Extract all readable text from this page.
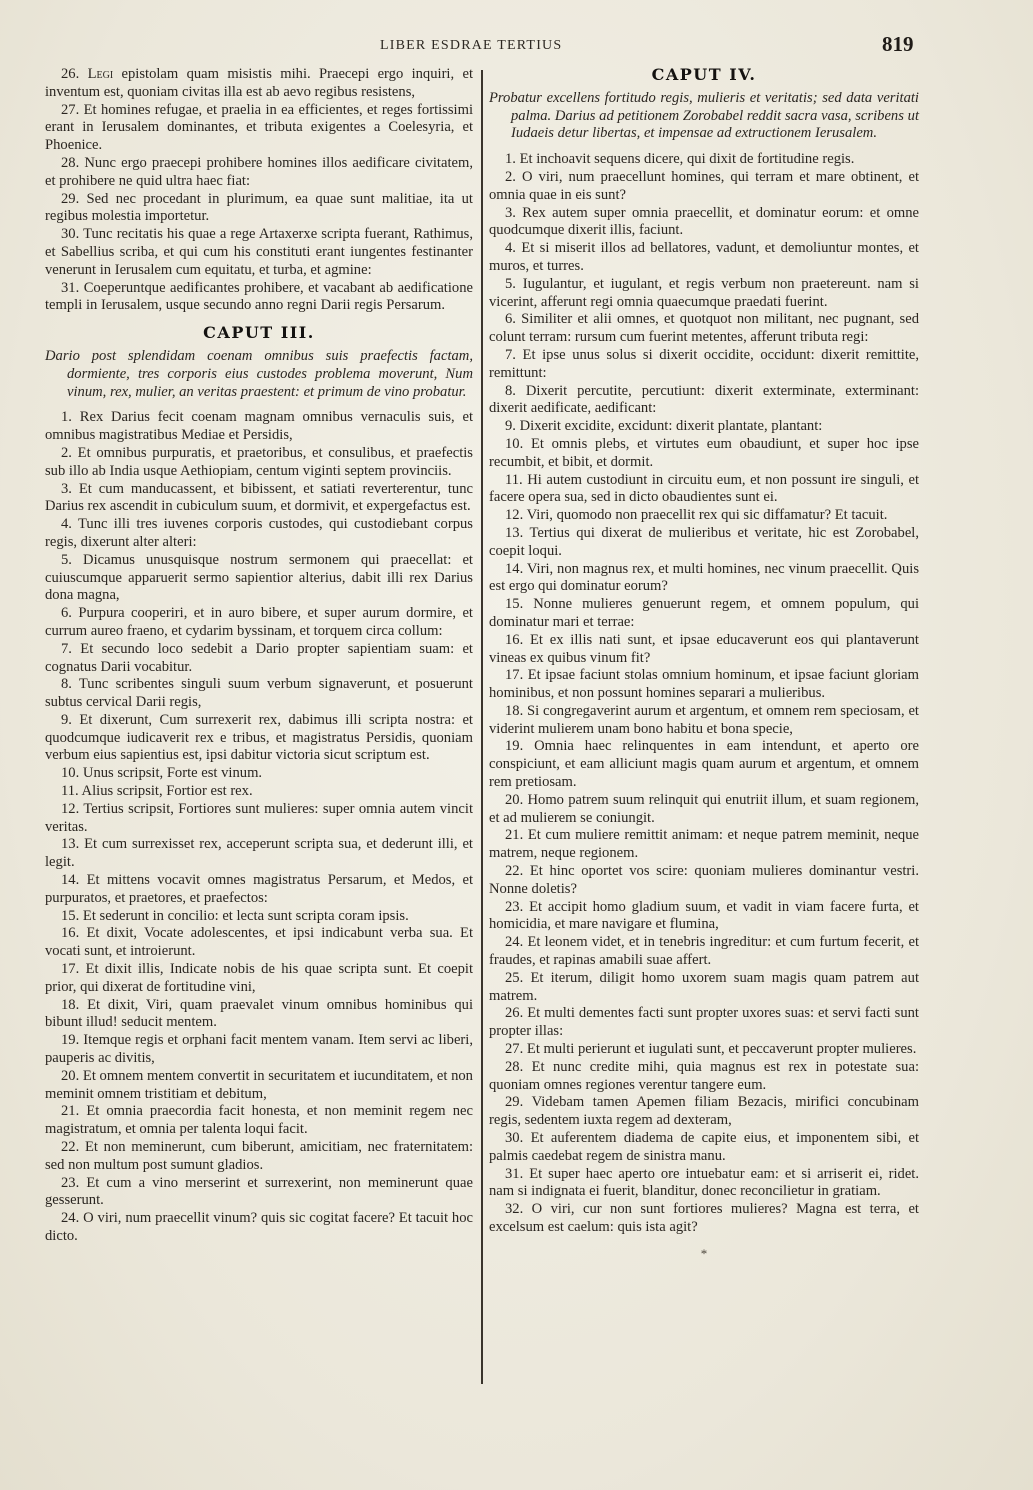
LIBER ESDRAE TERTIUS	819

26. Legi epistolam quam misistis mihi. Praecepi ergo inquiri, et inventum est, quoniam civitas illa est ab aevo regibus resistens,

27. Et homines refugae, et praelia in ea efficientes, et reges fortissimi erant in Ierusalem dominantes, et tributa exigentes a Coelesyria, et Phoenice.

28. Nunc ergo praecepi prohibere homines illos aedificare civitatem, et prohibere ne quid ultra haec fiat:

29. Sed nec procedant in plurimum, ea quae sunt malitiae, ita ut regibus molestia importetur.

30. Tunc recitatis his quae a rege Artaxerxe scripta fuerant, Rathimus, et Sabellius scriba, et qui cum his constituti erant iungentes festinanter venerunt in Ierusalem cum equitatu, et turba, et agmine:

31. Coeperuntque aedificantes prohibere, et vacabant ab aedificatione templi in Ierusalem, usque secundo anno regni Darii regis Persarum.

CAPUT III.

Dario post splendidam coenam omnibus suis praefectis factam, dormiente, tres corporis eius custodes problema moverunt, Num vinum, rex, mulier, an veritas praestent: et primum de vino probatur.

1. Rex Darius fecit coenam magnam omnibus vernaculis suis, et omnibus magistratibus Mediae et Persidis,

2. Et omnibus purpuratis, et praetoribus, et consulibus, et praefectis sub illo ab India usque Aethiopiam, centum viginti septem provinciis.

3. Et cum manducassent, et bibissent, et satiati reverterentur, tunc Darius rex ascendit in cubiculum suum, et dormivit, et expergefactus est.

4. Tunc illi tres iuvenes corporis custodes, qui custodiebant corpus regis, dixerunt alter alteri:

5. Dicamus unusquisque nostrum sermonem qui praecellat: et cuiuscumque apparuerit sermo sapientior alterius, dabit illi rex Darius dona magna,

6. Purpura cooperiri, et in auro bibere, et super aurum dormire, et currum aureo fraeno, et cydarim byssinam, et torquem circa collum:

7. Et secundo loco sedebit a Dario propter sapientiam suam: et cognatus Darii vocabitur.

8. Tunc scribentes singuli suum verbum signaverunt, et posuerunt subtus cervical Darii regis,

9. Et dixerunt, Cum surrexerit rex, dabimus illi scripta nostra: et quodcumque iudicaverit rex e tribus, et magistratus Persidis, quoniam verbum eius sapientius est, ipsi dabitur victoria sicut scriptum est.

10. Unus scripsit, Forte est vinum.

11. Alius scripsit, Fortior est rex.

12. Tertius scripsit, Fortiores sunt mulieres: super omnia autem vincit veritas.

13. Et cum surrexisset rex, acceperunt scripta sua, et dederunt illi, et legit.

14. Et mittens vocavit omnes magistratus Persarum, et Medos, et purpuratos, et praetores, et praefectos:

15. Et sederunt in concilio: et lecta sunt scripta coram ipsis.

16. Et dixit, Vocate adolescentes, et ipsi indicabunt verba sua. Et vocati sunt, et introierunt.

17. Et dixit illis, Indicate nobis de his quae scripta sunt. Et coepit prior, qui dixerat de fortitudine vini,

18. Et dixit, Viri, quam praevalet vinum omnibus hominibus qui bibunt illud! seducit mentem.

19. Itemque regis et orphani facit mentem vanam. Item servi ac liberi, pauperis ac divitis,

20. Et omnem mentem convertit in securitatem et iucunditatem, et non meminit omnem tristitiam et debitum,

21. Et omnia praecordia facit honesta, et non meminit regem nec magistratum, et omnia per talenta loqui facit.

22. Et non meminerunt, cum biberunt, amicitiam, nec fraternitatem: sed non multum post sumunt gladios.

23. Et cum a vino merserint et surrexerint, non meminerunt quae gesserunt.

24. O viri, num praecellit vinum? quis sic cogitat facere? Et tacuit hoc dicto.

CAPUT IV.

Probatur excellens fortitudo regis, mulieris et veritatis; sed data veritati palma. Darius ad petitionem Zorobabel reddit sacra vasa, scribens ut Iudaeis detur libertas, et impensae ad extructionem Ierusalem.

1. Et inchoavit sequens dicere, qui dixit de fortitudine regis.

2. O viri, num praecellunt homines, qui terram et mare obtinent, et omnia quae in eis sunt?

3. Rex autem super omnia praecellit, et dominatur eorum: et omne quodcumque dixerit illis, faciunt.

4. Et si miserit illos ad bellatores, vadunt, et demoliuntur montes, et muros, et turres.

5. Iugulantur, et iugulant, et regis verbum non praetereunt. nam si vicerint, afferunt regi omnia quaecumque praedati fuerint.

6. Similiter et alii omnes, et quotquot non militant, nec pugnant, sed colunt terram: rursum cum fuerint metentes, afferunt tributa regi:

7. Et ipse unus solus si dixerit occidite, occidunt: dixerit remittite, remittunt:

8. Dixerit percutite, percutiunt: dixerit exterminate, exterminant: dixerit aedificate, aedificant:

9. Dixerit excidite, excidunt: dixerit plantate, plantant:

10. Et omnis plebs, et virtutes eum obaudiunt, et super hoc ipse recumbit, et bibit, et dormit.

11. Hi autem custodiunt in circuitu eum, et non possunt ire singuli, et facere opera sua, sed in dicto obaudientes sunt ei.

12. Viri, quomodo non praecellit rex qui sic diffamatur? Et tacuit.

13. Tertius qui dixerat de mulieribus et veritate, hic est Zorobabel, coepit loqui.

14. Viri, non magnus rex, et multi homines, nec vinum praecellit. Quis est ergo qui dominatur eorum?

15. Nonne mulieres genuerunt regem, et omnem populum, qui dominatur mari et terrae:

16. Et ex illis nati sunt, et ipsae educaverunt eos qui plantaverunt vineas ex quibus vinum fit?

17. Et ipsae faciunt stolas omnium hominum, et ipsae faciunt gloriam hominibus, et non possunt homines separari a mulieribus.

18. Si congregaverint aurum et argentum, et omnem rem speciosam, et viderint mulierem unam bono habitu et bona specie,

19. Omnia haec relinquentes in eam intendunt, et aperto ore conspiciunt, et eam alliciunt magis quam aurum et argentum, et omnem rem pretiosam.

20. Homo patrem suum relinquit qui enutriit illum, et suam regionem, et ad mulierem se coniungit.

21. Et cum muliere remittit animam: et neque patrem meminit, neque matrem, neque regionem.

22. Et hinc oportet vos scire: quoniam mulieres dominantur vestri. Nonne doletis?

23. Et accipit homo gladium suum, et vadit in viam facere furta, et homicidia, et mare navigare et flumina,

24. Et leonem videt, et in tenebris ingreditur: et cum furtum fecerit, et fraudes, et rapinas amabili suae affert.

25. Et iterum, diligit homo uxorem suam magis quam patrem aut matrem.

26. Et multi dementes facti sunt propter uxores suas: et servi facti sunt propter illas:

27. Et multi perierunt et iugulati sunt, et peccaverunt propter mulieres.

28. Et nunc credite mihi, quia magnus est rex in potestate sua: quoniam omnes regiones verentur tangere eum.

29. Videbam tamen Apemen filiam Bezacis, mirifici concubinam regis, sedentem iuxta regem ad dexteram,

30. Et auferentem diadema de capite eius, et imponentem sibi, et palmis caedebat regem de sinistra manu.

31. Et super haec aperto ore intuebatur eam: et si arriserit ei, ridet. nam si indignata ei fuerit, blanditur, donec reconcilietur in gratiam.

32. O viri, cur non sunt fortiores mulieres? Magna est terra, et excelsum est caelum: quis ista agit?

*
